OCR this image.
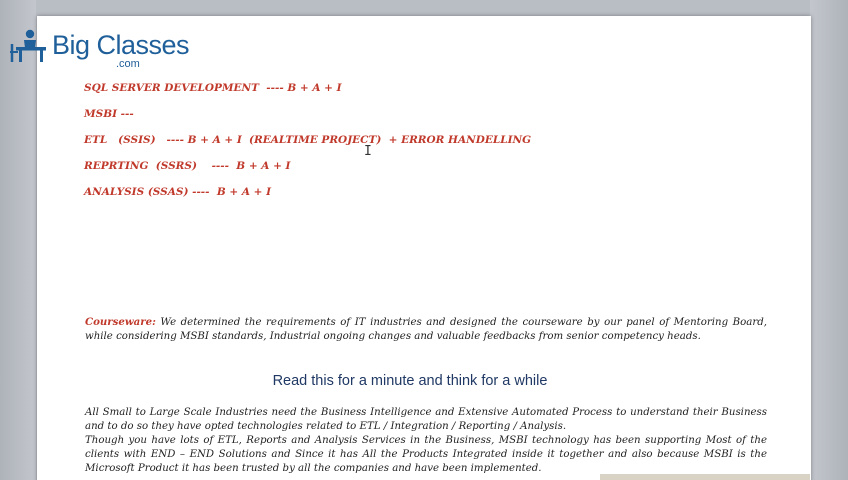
Big Classes
.com
SQL SERVER DEVELOPMENT  ---- B + A + I
MSBI ---
ETL   (SSIS)   ---- B + A + I  (REALTIME PROJECT)  + ERROR HANDELLING
REPRTING  (SSRS)    ----  B + A + I
ANALYSIS (SSAS) ----  B + A + I
I
Courseware: We determined the requirements of IT industries and designed the courseware by our panel of Mentoring Board, while considering MSBI standards, Industrial ongoing changes and valuable feedbacks from senior competency heads.
Read this for a minute and think for a while
All Small to Large Scale Industries need the Business Intelligence and Extensive Automated Process to understand their Business and to do so they have opted technologies related to ETL / Integration / Reporting / Analysis.
Though you have lots of ETL, Reports and Analysis Services in the Business, MSBI technology has been supporting Most of the clients with END – END Solutions and Since it has All the Products Integrated inside it together and also because MSBI is the Microsoft Product it has been trusted by all the companies and have been implemented.
